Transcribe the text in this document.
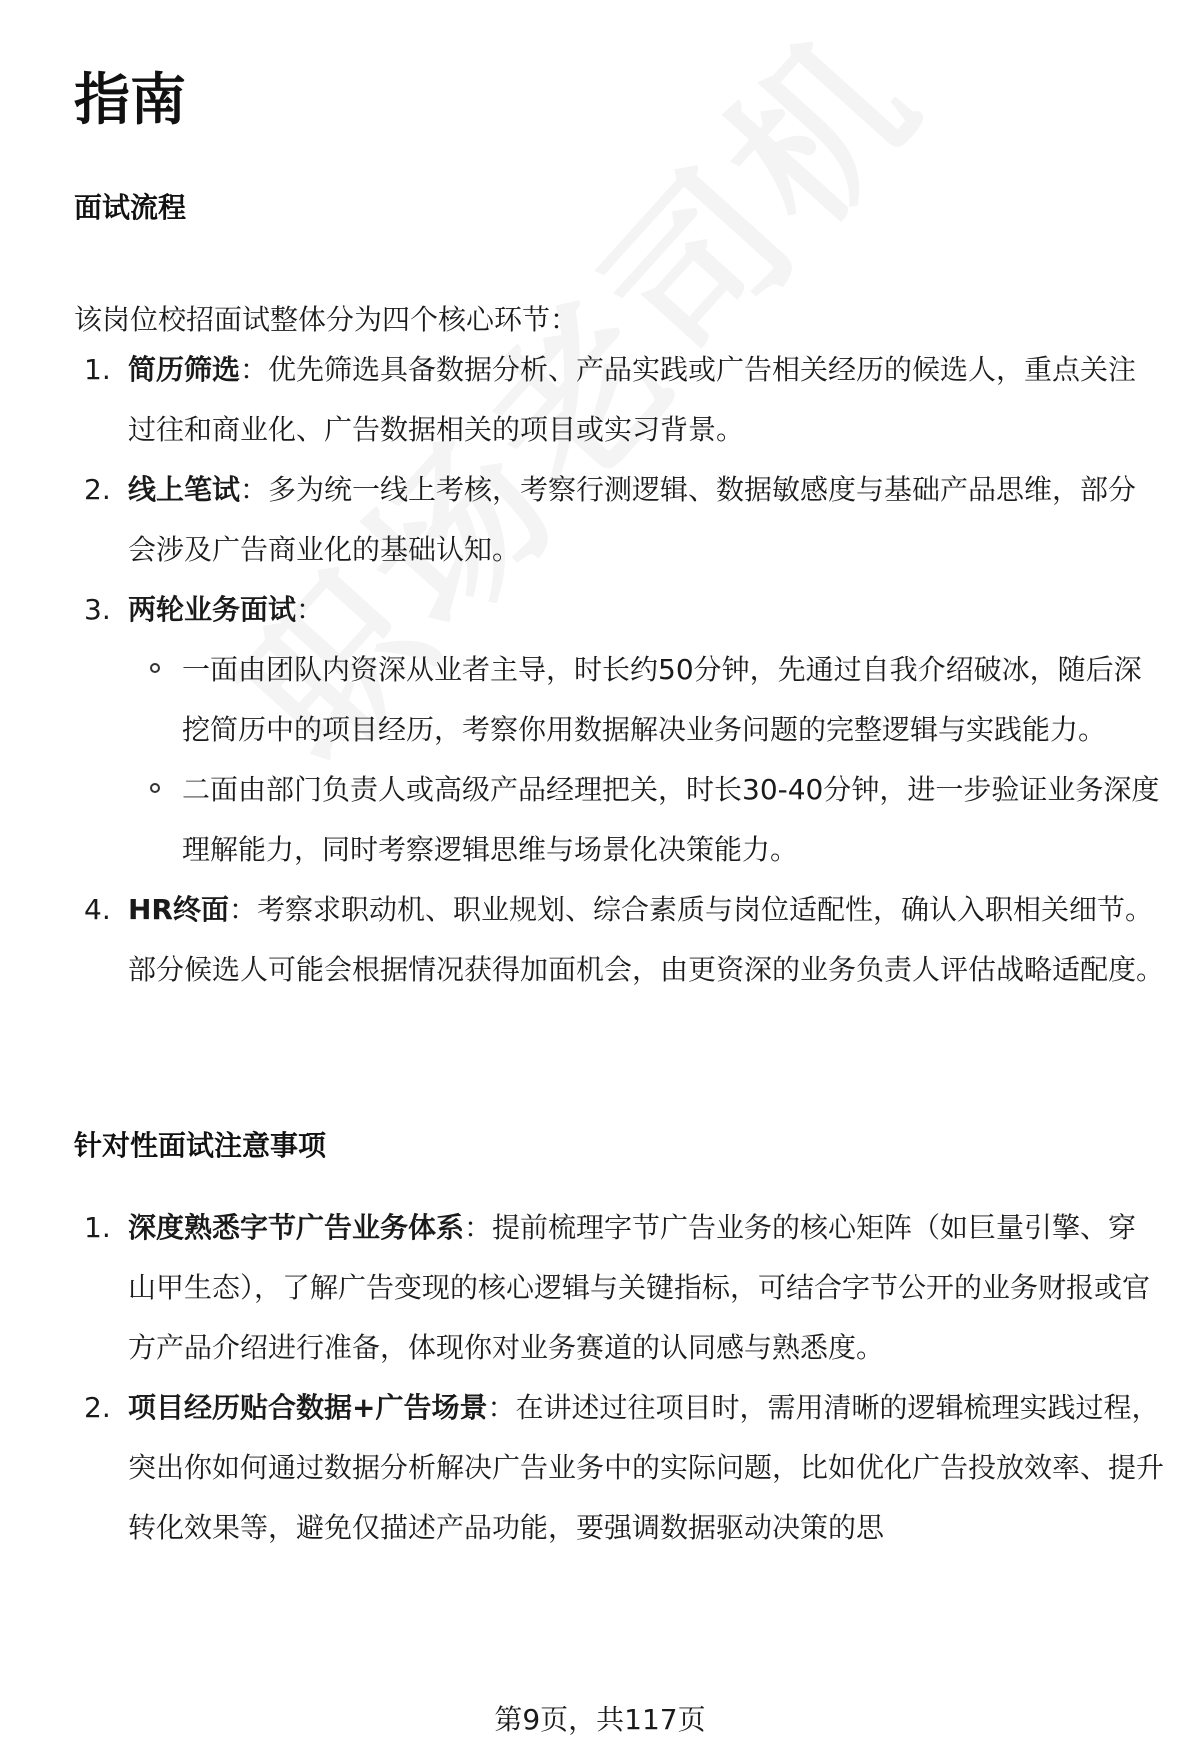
指南
面试流程

该岗位校招面试整体分为四个核心环节：

1. 简历筛选：优先筛选具备数据分析、产品实践或广告相关经历的候选人，重点关注过往和商业化、广告数据相关的项目或实习背景。
2. 线上笔试：多为统一线上考核，考察行测逻辑、数据敏感度与基础产品思维，部分会涉及广告商业化的基础认知。
3. 两轮业务面试：
一面由团队内资深从业者主导，时长约50分钟，先通过自我介绍破冰，随后深挖简历中的项目经历，考察你用数据解决业务问题的完整逻辑与实践能力。
二面由部门负责人或高级产品经理把关，时长30-40分钟，进一步验证业务深度理解能力，同时考察逻辑思维与场景化决策能力。
4. HR终面：考察求职动机、职业规划、综合素质与岗位适配性，确认入职相关细节。
部分候选人可能会根据情况获得加面机会，由更资深的业务负责人评估战略适配度。
针对性面试注意事项
1. 深度熟悉字节广告业务体系：提前梳理字节广告业务的核心矩阵（如巨量引擎、穿山甲生态），了解广告变现的核心逻辑与关键指标，可结合字节公开的业务财报或官方产品介绍进行准备，体现你对业务赛道的认同感与熟悉度。
2. 项目经历贴合数据+广告场景：在讲述过往项目时，需用清晰的逻辑梳理实践过程，突出你如何通过数据分析解决广告业务中的实际问题，比如优化广告投放效率、提升转化效果等，避免仅描述产品功能，要强调数据驱动决策的思
第9页，共117页
